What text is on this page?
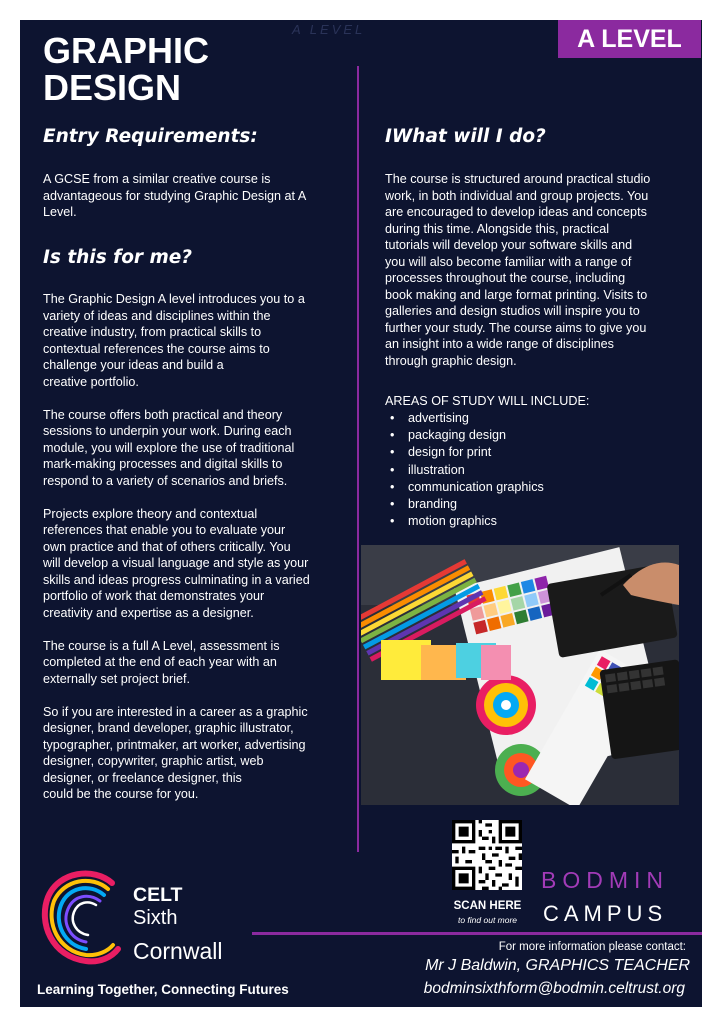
A LEVEL	A LEVEL
GRAPHIC
DESIGN
Entry Requirements:
A GCSE from a similar creative course is
advantageous for studying Graphic Design at A
Level.
Is this for me?
The Graphic Design A level introduces you to a
variety of ideas and disciplines within the
creative industry, from practical skills to
contextual references the course aims to
challenge your ideas and build a
creative portfolio.
The course offers both practical and theory
sessions to underpin your work. During each
module, you will explore the use of traditional
mark-making processes and digital skills to
respond to a variety of scenarios and briefs.
Projects explore theory and contextual
references that enable you to evaluate your
own practice and that of others critically. You
will develop a visual language and style as your
skills and ideas progress culminating in a varied
portfolio of work that demonstrates your
creativity and expertise as a designer.
The course is a full A Level, assessment is
completed at the end of each year with an
externally set project brief.
So if you are interested in a career as a graphic
designer, brand developer, graphic illustrator,
typographer, printmaker, art worker, advertising
designer, copywriter, graphic artist, web
designer, or freelance designer, this
could be the course for you.
IWhat will I do?
The course is structured around practical studio
work, in both individual and group projects. You
are encouraged to develop ideas and concepts
during this time. Alongside this, practical
tutorials will develop your software skills and
you will also become familiar with a range of
processes throughout the course, including
book making and large format printing. Visits to
galleries and design studios will inspire you to
further your study. The course aims to give you
an insight into a wide range of disciplines
through graphic design.
AREAS OF STUDY WILL INCLUDE:
• advertising
• packaging design
• design for print
• illustration
• communication graphics
• branding
• motion graphics
SCAN HERE
to find out more
BODMIN
CAMPUS
For more information please contact:
Mr J Baldwin, GRAPHICS TEACHER
bodminsixthform@bodmin.celtrust.org
CELT
Sixth
Cornwall
Learning Together, Connecting Futures
